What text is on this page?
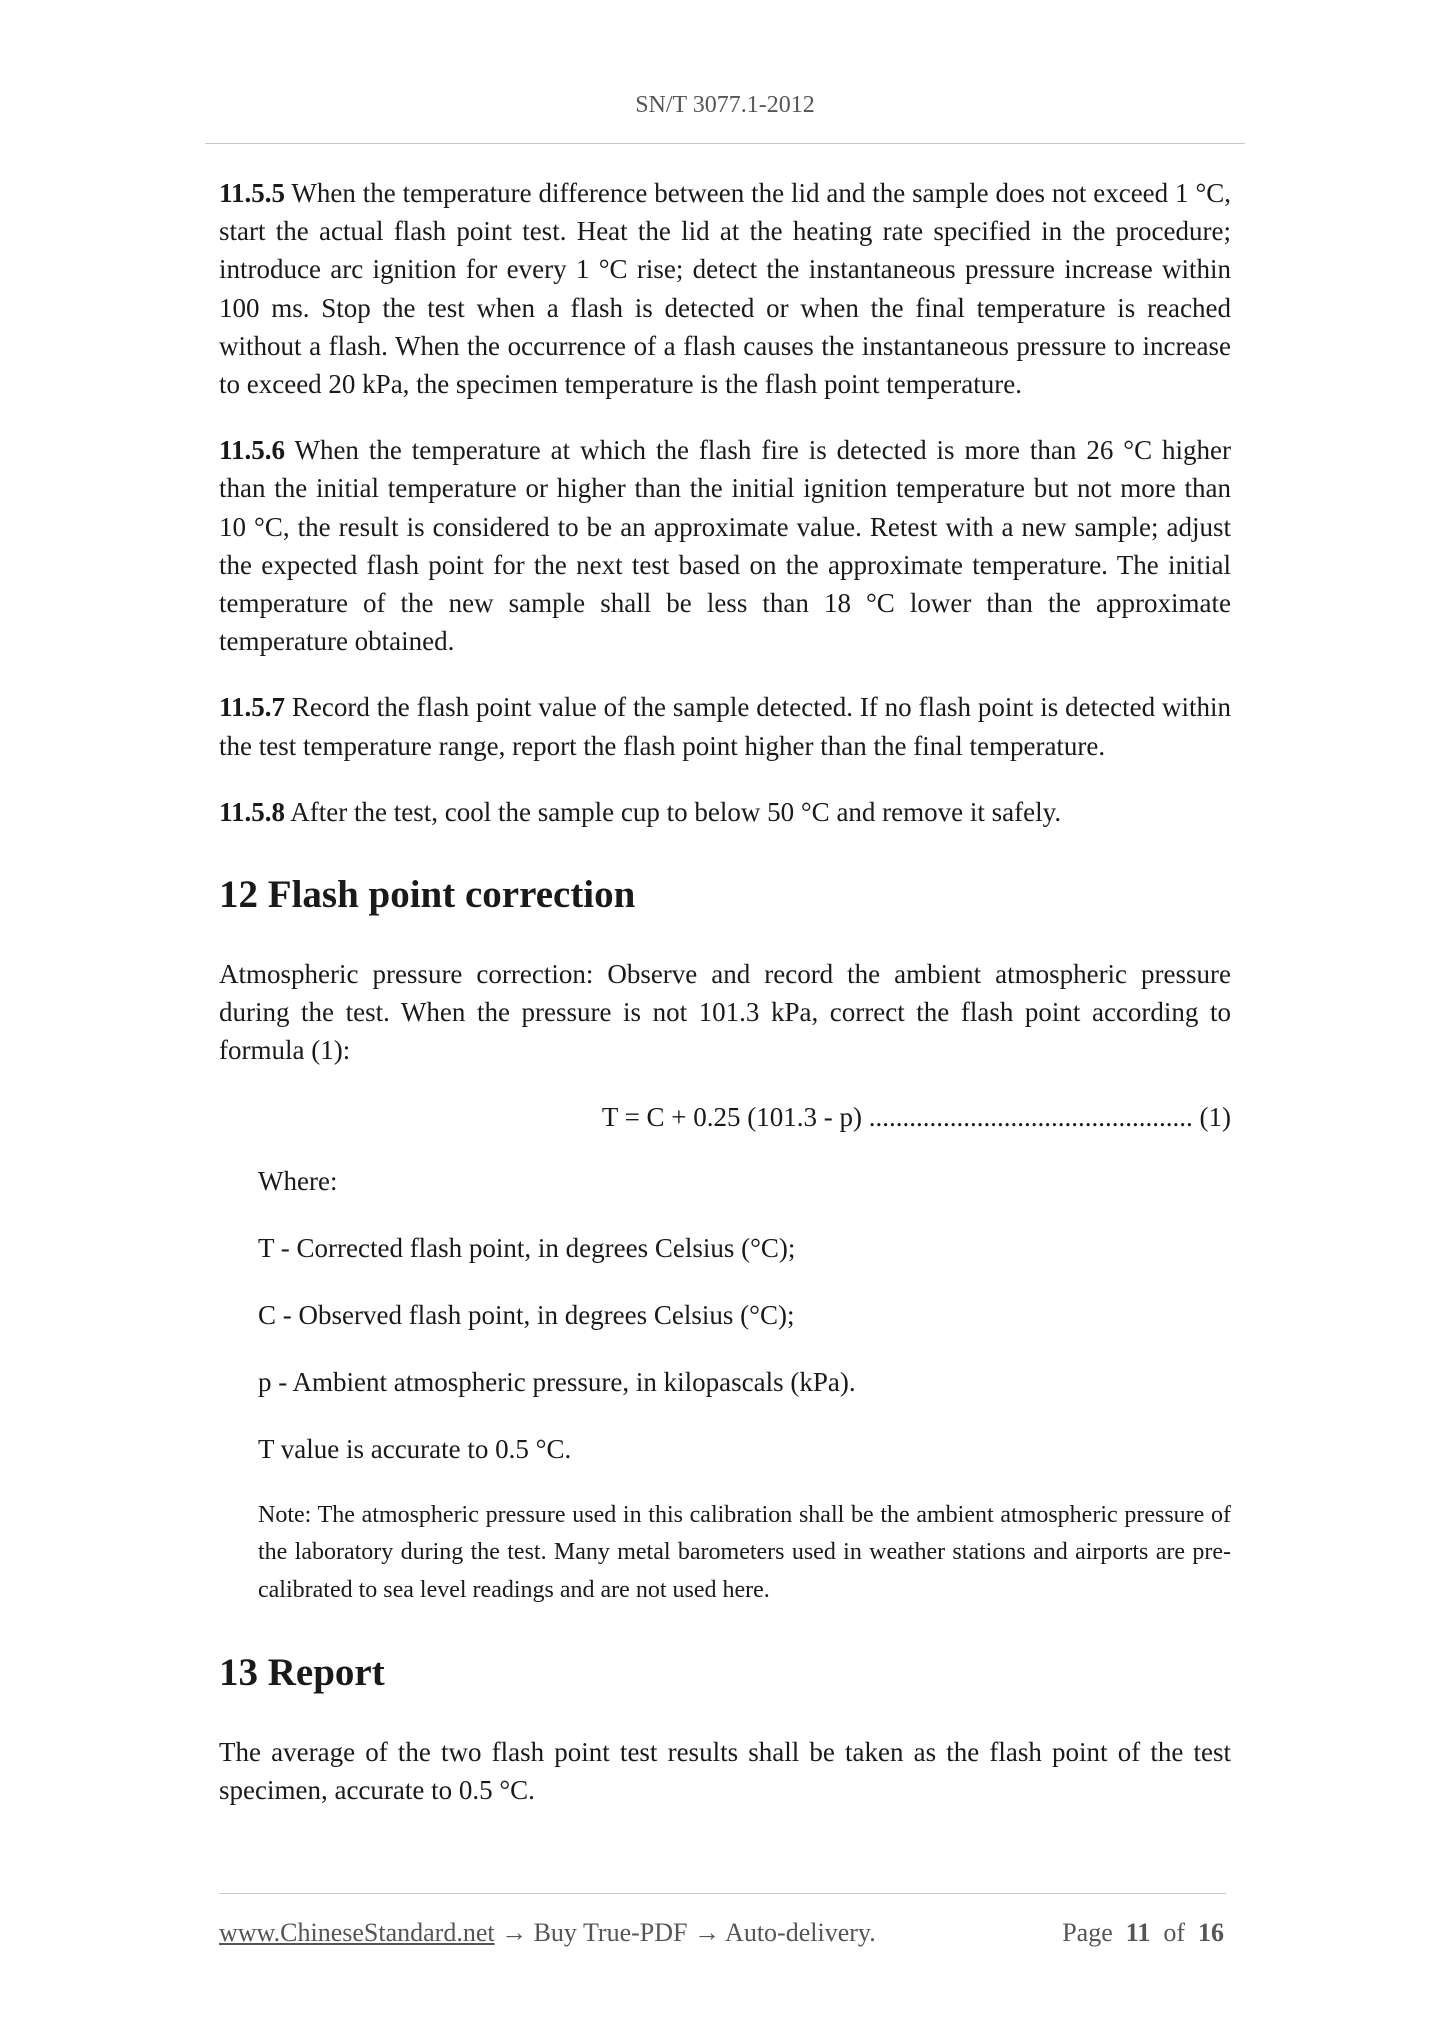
SN/T 3077.1-2012

11.5.5 When the temperature difference between the lid and the sample does not exceed 1 °C, start the actual flash point test. Heat the lid at the heating rate specified in the procedure; introduce arc ignition for every 1 °C rise; detect the instantaneous pressure increase within 100 ms. Stop the test when a flash is detected or when the final temperature is reached without a flash. When the occurrence of a flash causes the instantaneous pressure to increase to exceed 20 kPa, the specimen temperature is the flash point temperature.

11.5.6 When the temperature at which the flash fire is detected is more than 26 °C higher than the initial temperature or higher than the initial ignition temperature but not more than 10 °C, the result is considered to be an approximate value. Retest with a new sample; adjust the expected flash point for the next test based on the approximate temperature. The initial temperature of the new sample shall be less than 18 °C lower than the approximate temperature obtained.

11.5.7 Record the flash point value of the sample detected. If no flash point is detected within the test temperature range, report the flash point higher than the final temperature.

11.5.8 After the test, cool the sample cup to below 50 °C and remove it safely.

12 Flash point correction

Atmospheric pressure correction: Observe and record the ambient atmospheric pressure during the test. When the pressure is not 101.3 kPa, correct the flash point according to formula (1):

T = C + 0.25 (101.3 - p) ................................................ (1)
Where:
T - Corrected flash point, in degrees Celsius (°C);
C - Observed flash point, in degrees Celsius (°C);
p - Ambient atmospheric pressure, in kilopascals (kPa).
T value is accurate to 0.5 °C.

Note: The atmospheric pressure used in this calibration shall be the ambient atmospheric pressure of the laboratory during the test. Many metal barometers used in weather stations and airports are pre-calibrated to sea level readings and are not used here.

13 Report

The average of the two flash point test results shall be taken as the flash point of the test specimen, accurate to 0.5 °C.

www.ChineseStandard.net → Buy True-PDF → Auto-delivery.	Page 11 of 16
